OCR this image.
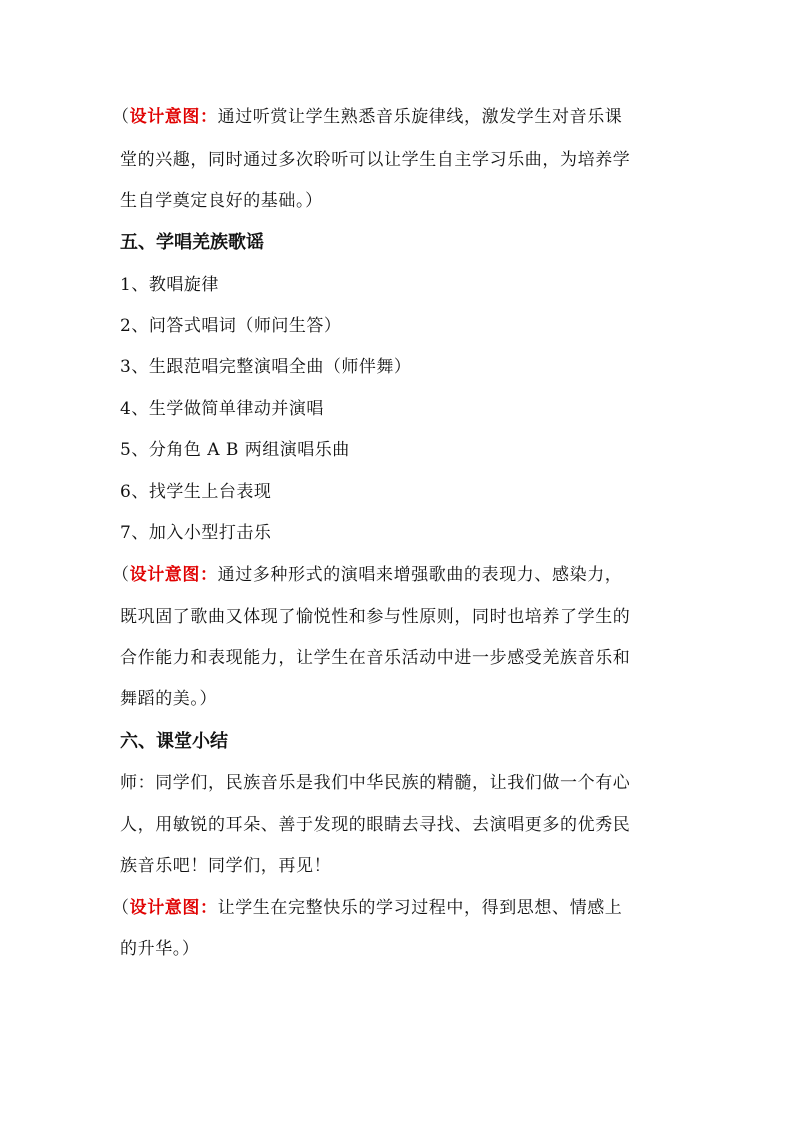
（设计意图：通过听赏让学生熟悉音乐旋律线，激发学生对音乐课
堂的兴趣，同时通过多次聆听可以让学生自主学习乐曲，为培养学
生自学奠定良好的基础。）
五、学唱羌族歌谣
1、教唱旋律
2、问答式唱词（师问生答）
3、生跟范唱完整演唱全曲（师伴舞）
4、生学做简单律动并演唱
5、分角色 A B 两组演唱乐曲
6、找学生上台表现
7、加入小型打击乐
（设计意图：通过多种形式的演唱来增强歌曲的表现力、感染力，
既巩固了歌曲又体现了愉悦性和参与性原则，同时也培养了学生的
合作能力和表现能力，让学生在音乐活动中进一步感受羌族音乐和
舞蹈的美。）
六、课堂小结
师：同学们，民族音乐是我们中华民族的精髓，让我们做一个有心
人，用敏锐的耳朵、善于发现的眼睛去寻找、去演唱更多的优秀民
族音乐吧！同学们，再见！
（设计意图：让学生在完整快乐的学习过程中，得到思想、情感上
的升华。）
